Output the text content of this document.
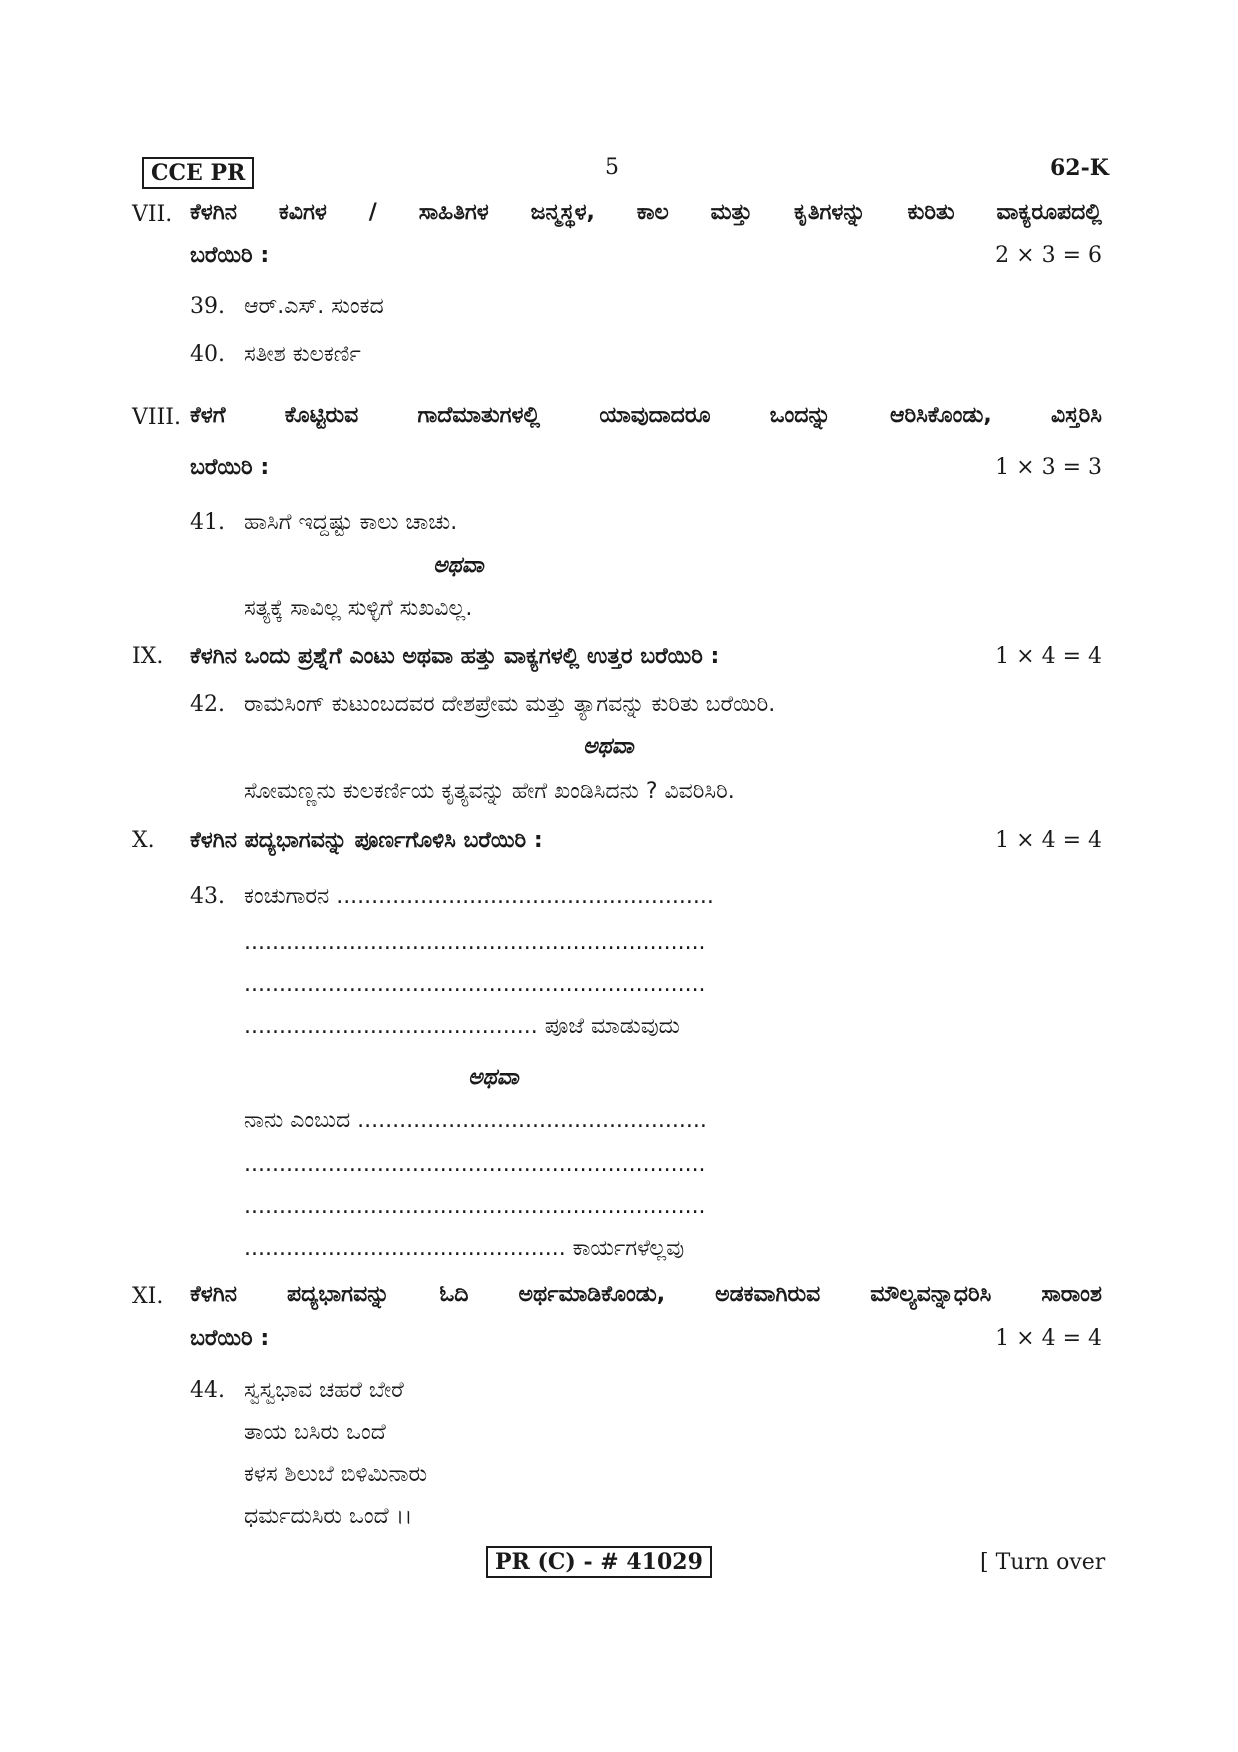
CCE PR	5	62-K
VII. ಕೆಳಗಿನ ಕವಿಗಳ / ಸಾಹಿತಿಗಳ ಜನ್ಮಸ್ಥಳ, ಕಾಲ ಮತ್ತು ಕೃತಿಗಳನ್ನು ಕುರಿತು ವಾಕ್ಯರೂಪದಲ್ಲಿ
ಬರೆಯಿರಿ :	2 × 3 = 6
39. ಆರ್.ಎಸ್. ಸುಂಕದ
40. ಸತೀಶ ಕುಲಕರ್ಣಿ
VIII. ಕೆಳಗೆ ಕೊಟ್ಟಿರುವ ಗಾದೆಮಾತುಗಳಲ್ಲಿ ಯಾವುದಾದರೂ ಒಂದನ್ನು ಆರಿಸಿಕೊಂಡು, ವಿಸ್ತರಿಸಿ
ಬರೆಯಿರಿ :	1 × 3 = 3
41. ಹಾಸಿಗೆ ಇದ್ದಷ್ಟು ಕಾಲು ಚಾಚು.
ಅಥವಾ
ಸತ್ಯಕ್ಕೆ ಸಾವಿಲ್ಲ ಸುಳ್ಳಿಗೆ ಸುಖವಿಲ್ಲ.
IX. ಕೆಳಗಿನ ಒಂದು ಪ್ರಶ್ನೆಗೆ ಎಂಟು ಅಥವಾ ಹತ್ತು ವಾಕ್ಯಗಳಲ್ಲಿ ಉತ್ತರ ಬರೆಯಿರಿ :	1 × 4 = 4
42. ರಾಮಸಿಂಗ್ ಕುಟುಂಬದವರ ದೇಶಪ್ರೇಮ ಮತ್ತು ತ್ಯಾಗವನ್ನು ಕುರಿತು ಬರೆಯಿರಿ.
ಅಥವಾ
ಸೋಮಣ್ಣನು ಕುಲಕರ್ಣಿಯ ಕೃತ್ಯವನ್ನು ಹೇಗೆ ಖಂಡಿಸಿದನು ? ವಿವರಿಸಿರಿ.
X. ಕೆಳಗಿನ ಪದ್ಯಭಾಗವನ್ನು ಪೂರ್ಣಗೊಳಿಸಿ ಬರೆಯಿರಿ :	1 × 4 = 4
43. ಕಂಚುಗಾರನ ......................................................
..................................................................
..................................................................
.......................................... ಪೂಜೆ ಮಾಡುವುದು
ಅಥವಾ
ನಾನು ಎಂಬುದ ..................................................
..................................................................
..................................................................
.............................................. ಕಾರ್ಯಗಳೆಲ್ಲವು
XI. ಕೆಳಗಿನ ಪದ್ಯಭಾಗವನ್ನು ಓದಿ ಅರ್ಥಮಾಡಿಕೊಂಡು, ಅಡಕವಾಗಿರುವ ಮೌಲ್ಯವನ್ನಾಧರಿಸಿ ಸಾರಾಂಶ
ಬರೆಯಿರಿ :	1 × 4 = 4
44. ಸ್ವಸ್ವಭಾವ ಚಹರೆ ಬೇರೆ
ತಾಯ ಬಸಿರು ಒಂದೆ
ಕಳಸ ಶಿಲುಬೆ ಬಿಳಿಮಿನಾರು
ಧರ್ಮದುಸಿರು ಒಂದೆ ।।
PR (C) - # 41029	[ Turn over
